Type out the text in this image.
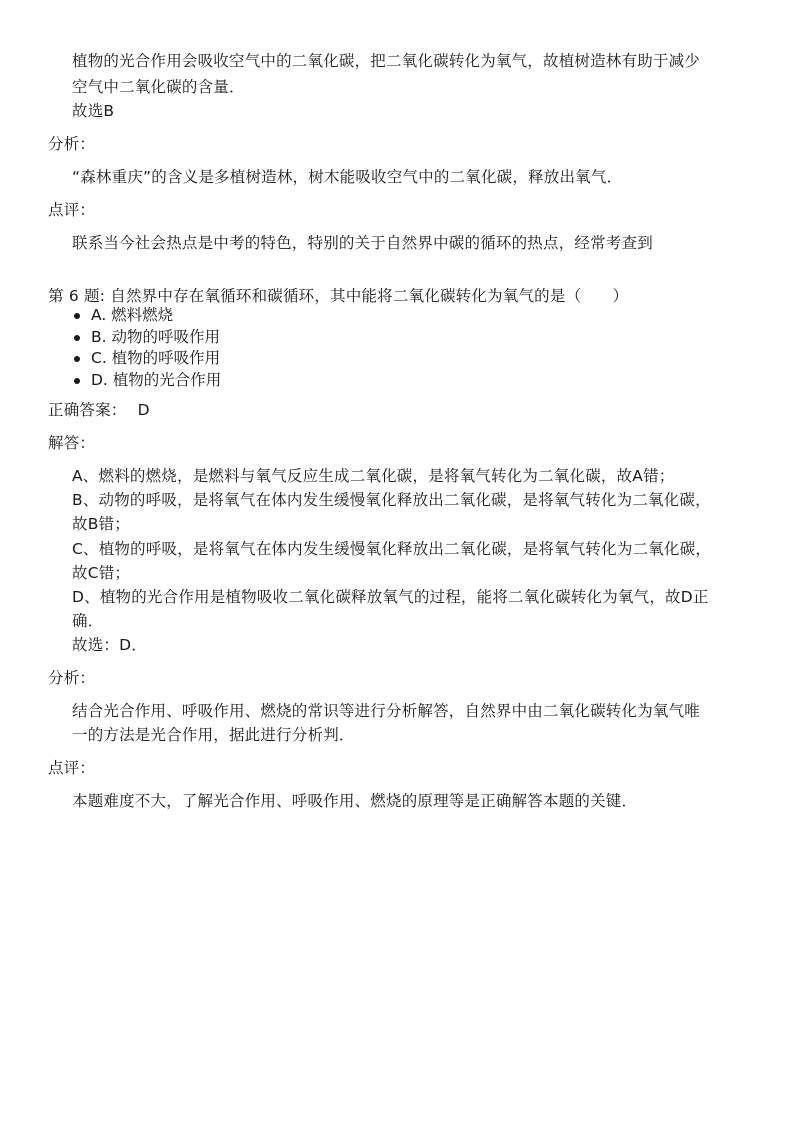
植物的光合作用会吸收空气中的二氧化碳，把二氧化碳转化为氧气，故植树造林有助于减少
空气中二氧化碳的含量．
故选B
分析：
“森林重庆”的含义是多植树造林，树木能吸收空气中的二氧化碳，释放出氧气．
点评：
联系当今社会热点是中考的特色，特别的关于自然界中碳的循环的热点，经常考查到
第 6 题: 自然界中存在氧循环和碳循环，其中能将二氧化碳转化为氧气的是（　　）
A. 燃料燃烧
B. 动物的呼吸作用
C. 植物的呼吸作用
D. 植物的光合作用
正确答案： D
解答：
A、燃料的燃烧，是燃料与氧气反应生成二氧化碳，是将氧气转化为二氧化碳，故A错；
B、动物的呼吸，是将氧气在体内发生缓慢氧化释放出二氧化碳，是将氧气转化为二氧化碳，
故B错；
C、植物的呼吸，是将氧气在体内发生缓慢氧化释放出二氧化碳，是将氧气转化为二氧化碳，
故C错；
D、植物的光合作用是植物吸收二氧化碳释放氧气的过程，能将二氧化碳转化为氧气，故D正
确．
故选：D．
分析：
结合光合作用、呼吸作用、燃烧的常识等进行分析解答，自然界中由二氧化碳转化为氧气唯
一的方法是光合作用，据此进行分析判．
点评：
本题难度不大，了解光合作用、呼吸作用、燃烧的原理等是正确解答本题的关键．
